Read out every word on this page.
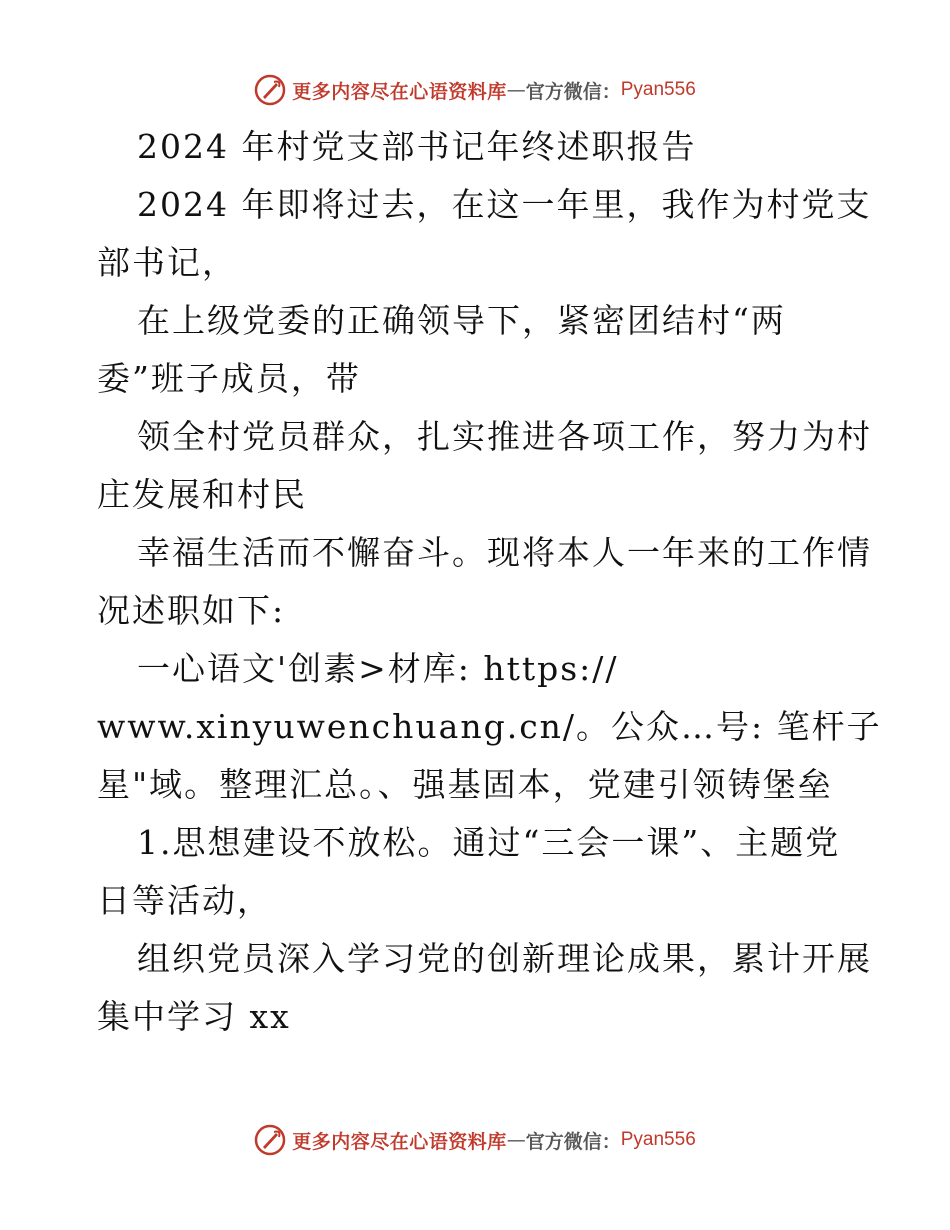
更多内容尽在心语资料库 — 官方微信： Pyan556
2024 年村党支部书记年终述职报告
2024 年即将过去，在这一年里，我作为村党支
部书记，
在上级党委的正确领导下，紧密团结村“两
委”班子成员，带
领全村党员群众，扎实推进各项工作，努力为村
庄发展和村民
幸福生活而不懈奋斗。现将本人一年来的工作情
况述职如下:
一心语文'创素>材库: https://
www.xinyuwenchuang.cn/。公众…号: 笔杆子
星"域。整理汇总。、强基固本，党建引领铸堡垒
1.思想建设不放松。通过“三会一课”、主题党
日等活动，
组织党员深入学习党的创新理论成果，累计开展
集中学习 xx
更多内容尽在心语资料库 — 官方微信： Pyan556
